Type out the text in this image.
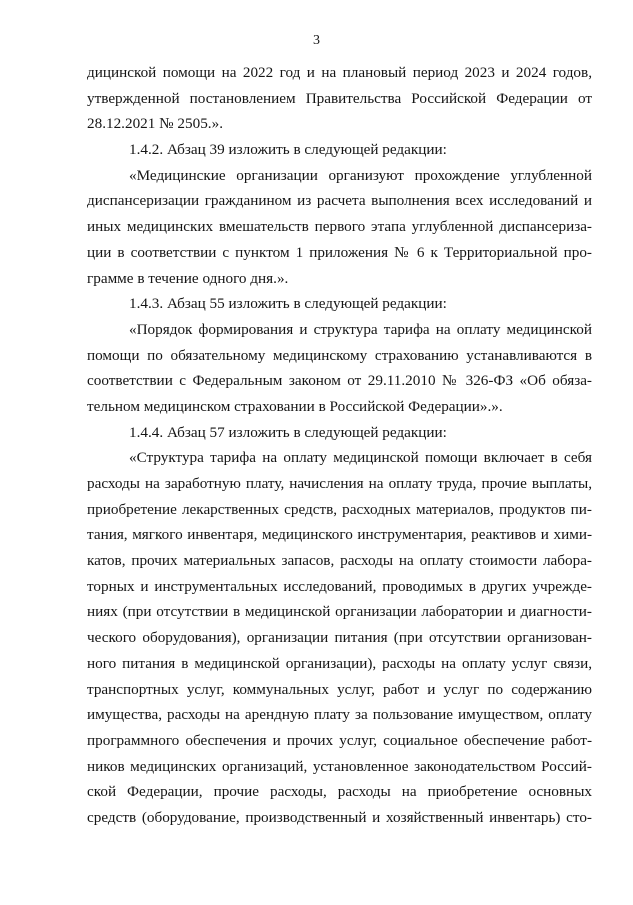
3
дицинской помощи на 2022 год и на плановый период 2023 и 2024 годов,
утвержденной постановлением Правительства Российской Федерации от
28.12.2021 № 2505.».
1.4.2. Абзац 39 изложить в следующей редакции:
«Медицинские организации организуют прохождение углубленной
диспансеризации гражданином из расчета выполнения всех исследований и
иных медицинских вмешательств первого этапа углубленной диспансериза-
ции в соответствии с пунктом 1 приложения № 6 к Территориальной про-
грамме в течение одного дня.».
1.4.3. Абзац 55 изложить в следующей редакции:
«Порядок формирования и структура тарифа на оплату медицинской
помощи по обязательному медицинскому страхованию устанавливаются в
соответствии с Федеральным законом от 29.11.2010 № 326-ФЗ «Об обяза-
тельном медицинском страховании в Российской Федерации».».
1.4.4. Абзац 57 изложить в следующей редакции:
«Структура тарифа на оплату медицинской помощи включает в себя
расходы на заработную плату, начисления на оплату труда, прочие выплаты,
приобретение лекарственных средств, расходных материалов, продуктов пи-
тания, мягкого инвентаря, медицинского инструментария, реактивов и хими-
катов, прочих материальных запасов, расходы на оплату стоимости лабора-
торных и инструментальных исследований, проводимых в других учрежде-
ниях (при отсутствии в медицинской организации лаборатории и диагности-
ческого оборудования), организации питания (при отсутствии организован-
ного питания в медицинской организации), расходы на оплату услуг связи,
транспортных услуг, коммунальных услуг, работ и услуг по содержанию
имущества, расходы на арендную плату за пользование имуществом, оплату
программного обеспечения и прочих услуг, социальное обеспечение работ-
ников медицинских организаций, установленное законодательством Россий-
ской Федерации, прочие расходы, расходы на приобретение основных
средств (оборудование, производственный и хозяйственный инвентарь) сто-
